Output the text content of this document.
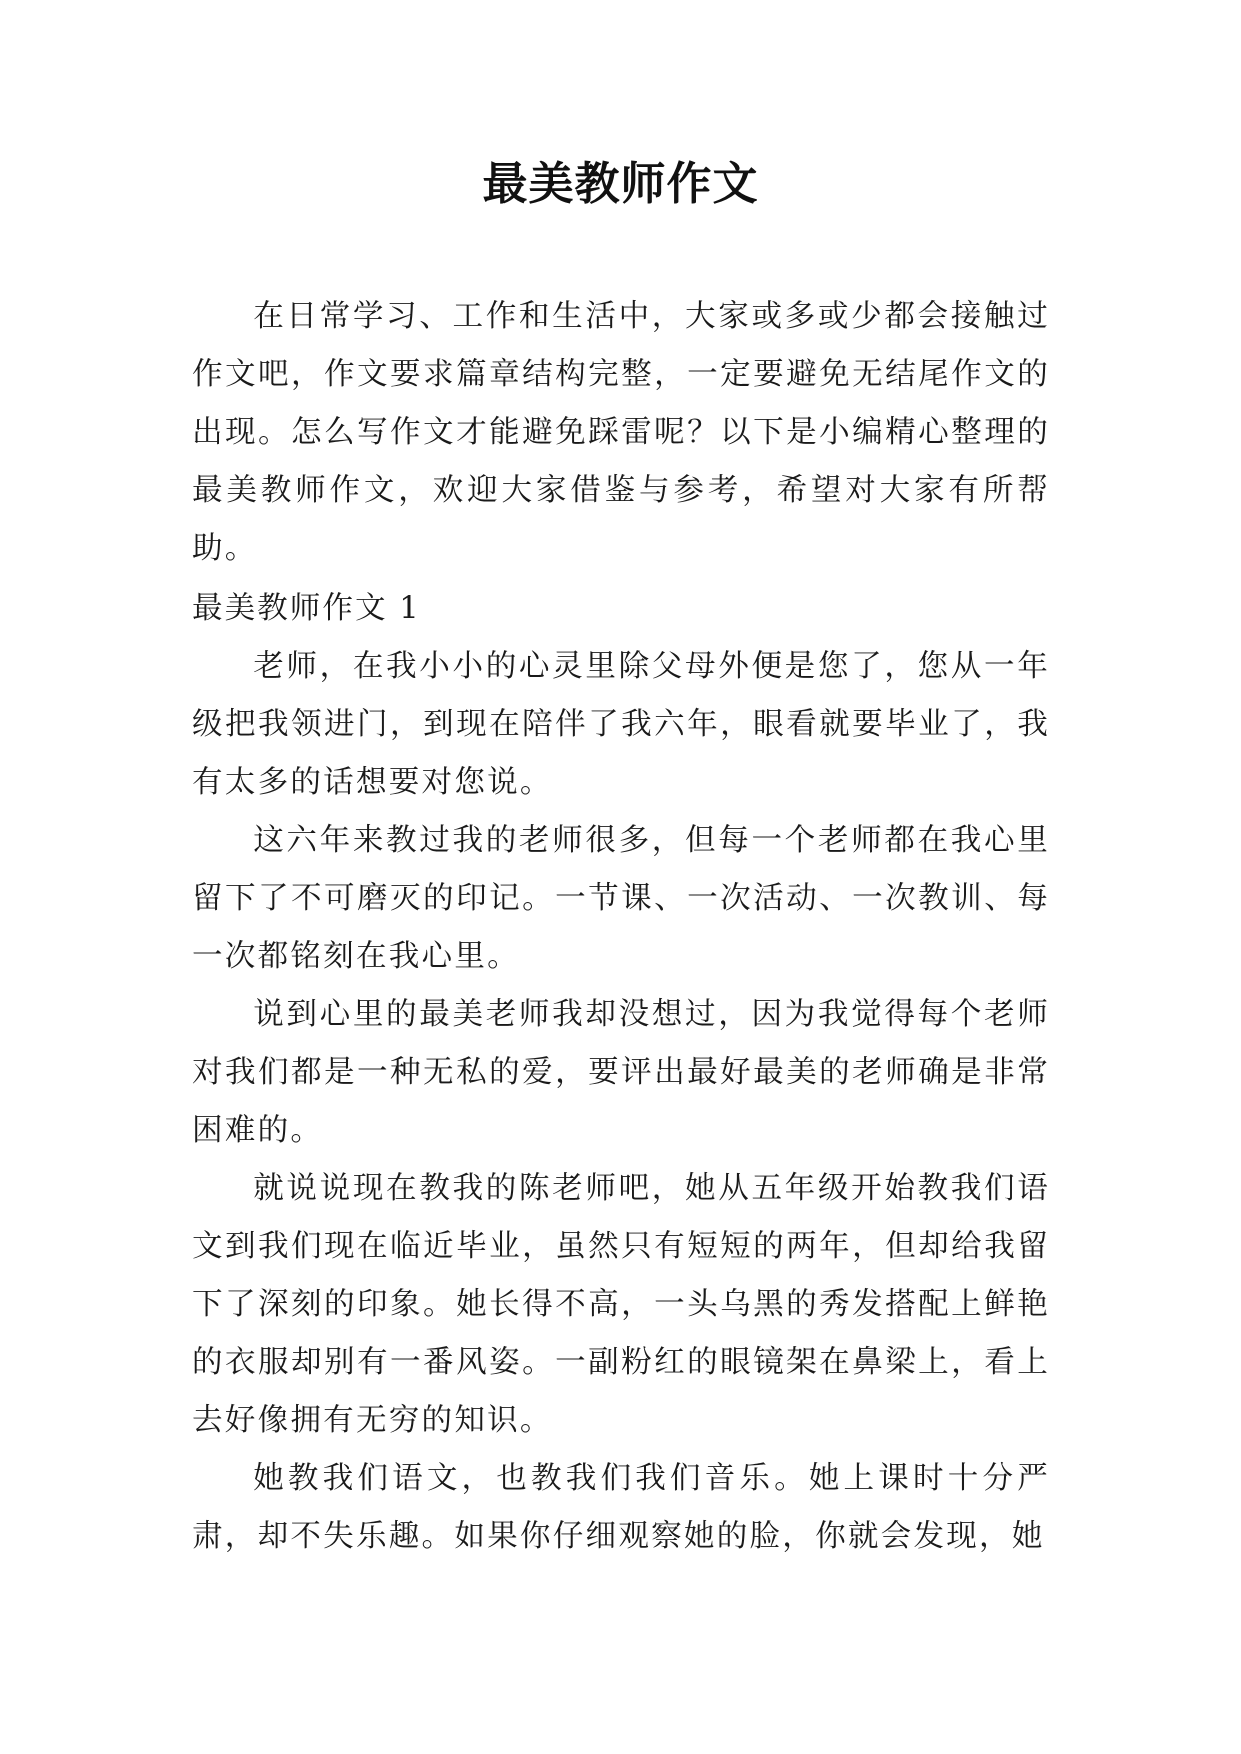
最美教师作文

在日常学习、工作和生活中，大家或多或少都会接触过作文吧，作文要求篇章结构完整，一定要避免无结尾作文的出现。怎么写作文才能避免踩雷呢？以下是小编精心整理的最美教师作文，欢迎大家借鉴与参考，希望对大家有所帮助。

最美教师作文 1

老师，在我小小的心灵里除父母外便是您了，您从一年级把我领进门，到现在陪伴了我六年，眼看就要毕业了，我有太多的话想要对您说。

这六年来教过我的老师很多，但每一个老师都在我心里留下了不可磨灭的印记。一节课、一次活动、一次教训、每一次都铭刻在我心里。

说到心里的最美老师我却没想过，因为我觉得每个老师对我们都是一种无私的爱，要评出最好最美的老师确是非常困难的。

就说说现在教我的陈老师吧，她从五年级开始教我们语文到我们现在临近毕业，虽然只有短短的两年，但却给我留下了深刻的印象。她长得不高，一头乌黑的秀发搭配上鲜艳的衣服却别有一番风姿。一副粉红的眼镜架在鼻梁上，看上去好像拥有无穷的知识。

她教我们语文，也教我们我们音乐。她上课时十分严肃，却不失乐趣。如果你仔细观察她的脸，你就会发现，她
